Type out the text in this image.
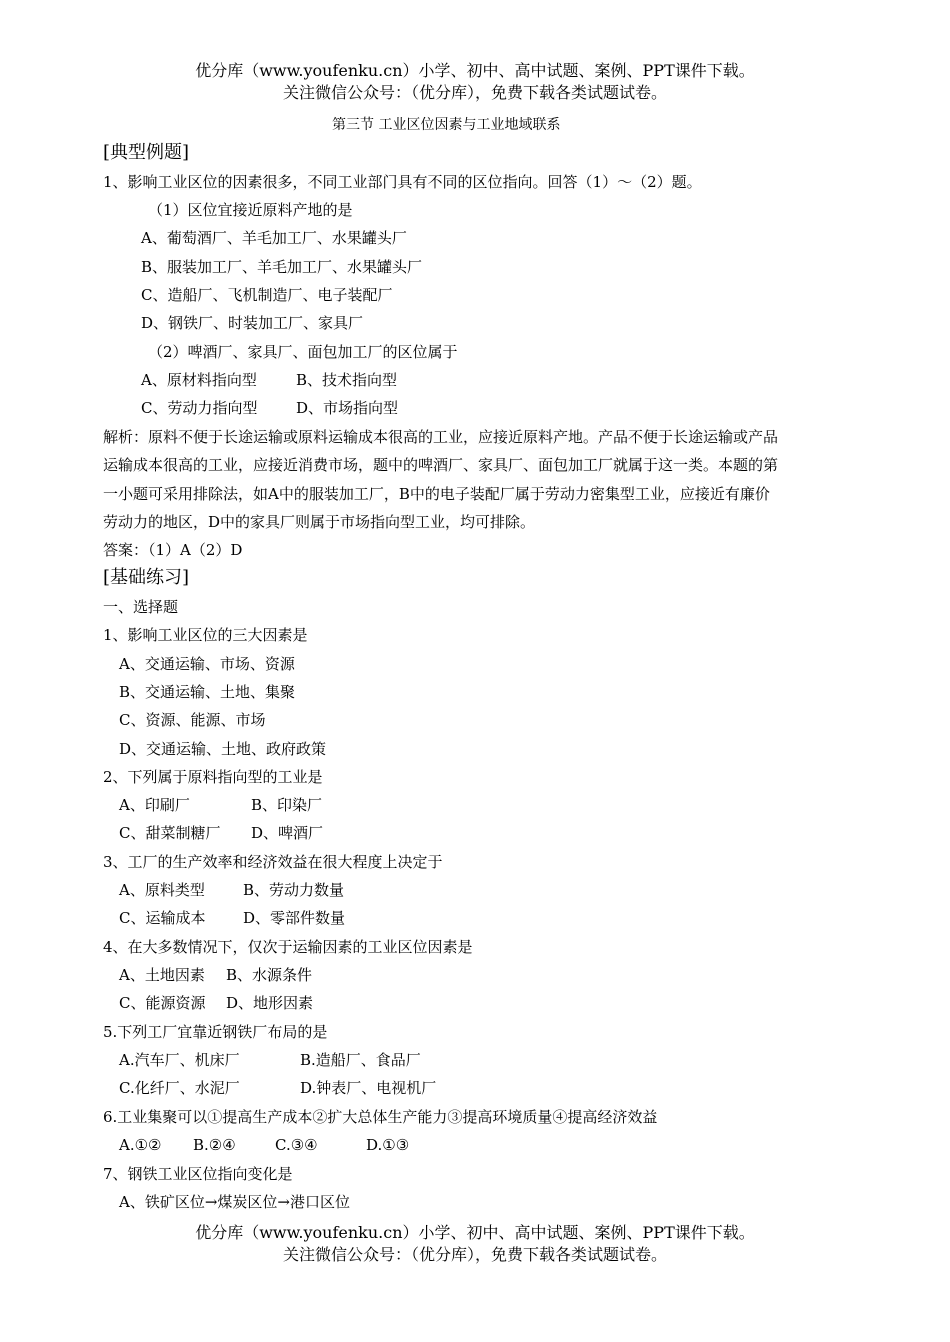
优分库（www.youfenku.cn）小学、初中、高中试题、案例、PPT课件下载。
关注微信公众号：（优分库），免费下载各类试题试卷。
第三节 工业区位因素与工业地域联系
[典型例题]
1、影响工业区位的因素很多，不同工业部门具有不同的区位指向。回答（1）～（2）题。
（1）区位宜接近原料产地的是
A、葡萄酒厂、羊毛加工厂、水果罐头厂
B、服装加工厂、羊毛加工厂、水果罐头厂
C、造船厂、飞机制造厂、电子装配厂
D、钢铁厂、时装加工厂、家具厂
（2）啤酒厂、家具厂、面包加工厂的区位属于
A、原材料指向型	B、技术指向型
C、劳动力指向型	D、市场指向型
解析：原料不便于长途运输或原料运输成本很高的工业，应接近原料产地。产品不便于长途运输或产品
运输成本很高的工业，应接近消费市场，题中的啤酒厂、家具厂、面包加工厂就属于这一类。本题的第
一小题可采用排除法，如A中的服装加工厂，B中的电子装配厂属于劳动力密集型工业，应接近有廉价
劳动力的地区，D中的家具厂则属于市场指向型工业，均可排除。
答案：（1）A（2）D
[基础练习]
一、选择题
1、影响工业区位的三大因素是
A、交通运输、市场、资源
B、交通运输、土地、集聚
C、资源、能源、市场
D、交通运输、土地、政府政策
2、下列属于原料指向型的工业是
A、印刷厂	B、印染厂
C、甜菜制糖厂 D、啤酒厂
3、工厂的生产效率和经济效益在很大程度上决定于
A、原料类型	B、劳动力数量
C、运输成本	D、零部件数量
4、在大多数情况下，仅次于运输因素的工业区位因素是
A、土地因素 B、水源条件
C、能源资源 D、地形因素
5.下列工厂宜靠近钢铁厂布局的是
A.汽车厂、机床厂	B.造船厂、食品厂
C.化纤厂、水泥厂	D.钟表厂、电视机厂
6.工业集聚可以①提高生产成本②扩大总体生产能力③提高环境质量④提高经济效益
A.①② B.②④	C.③④	D.①③
7、钢铁工业区位指向变化是
A、铁矿区位→煤炭区位→港口区位
优分库（www.youfenku.cn）小学、初中、高中试题、案例、PPT课件下载。
关注微信公众号：（优分库），免费下载各类试题试卷。
